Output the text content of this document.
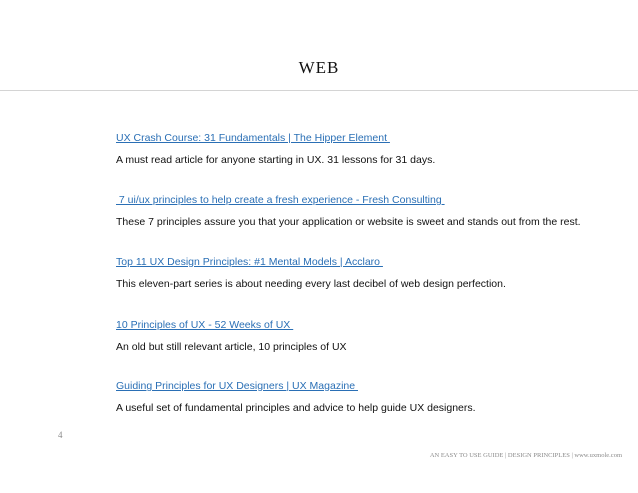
WEB
UX Crash Course: 31 Fundamentals | The Hipper Element
A must read article for anyone starting in UX. 31 lessons for 31 days.
7 ui/ux principles to help create a fresh experience - Fresh Consulting
These 7 principles assure you that your application or website is sweet and stands out from the rest.
Top 11 UX Design Principles: #1 Mental Models | Acclaro
This eleven-part series is about needing every last decibel of web design perfection.
10 Principles of UX - 52 Weeks of UX
An old but still relevant article, 10 principles of UX
Guiding Principles for UX Designers | UX Magazine
A useful set of fundamental principles and advice to help guide UX designers.
4
AN EASY TO USE GUIDE | DESIGN PRINCIPLES | www.uxmole.com
